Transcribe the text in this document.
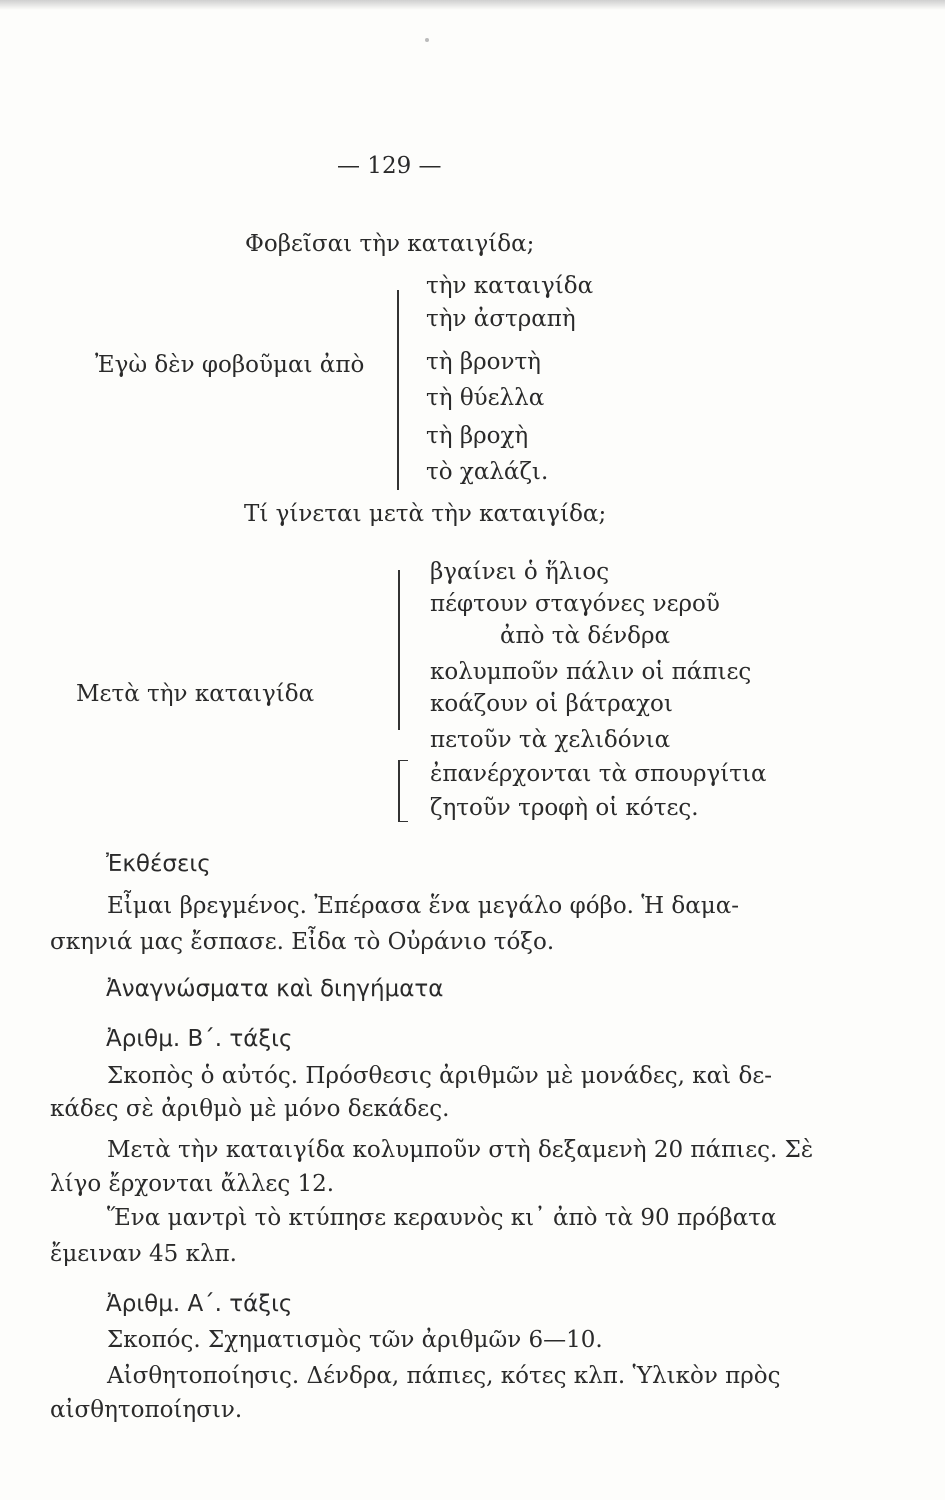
— 129 —
Φοβεῖσαι τὴν καταιγίδα;
Ἐγὼ δὲν φοβοῦμαι ἀπὸ
τὴν καταιγίδα
τὴν ἀστραπὴ
τὴ βροντὴ
τὴ θύελλα
τὴ βροχὴ
τὸ χαλάζι.
Τί γίνεται μετὰ τὴν καταιγίδα;
Μετὰ τὴν καταιγίδα
βγαίνει ὁ ἥλιος
πέφτουν σταγόνες νεροῦ
ἀπὸ τὰ δένδρα
κολυμποῦν πάλιν οἱ πάπιες
κοάζουν οἱ βάτραχοι
πετοῦν τὰ χελιδόνια
ἐπανέρχονται τὰ σπουργίτια
ζητοῦν τροφὴ οἱ κότες.
Ἐκθέσεις
Εἶμαι βρεγμένος. Ἐπέρασα ἕνα μεγάλο φόβο. Ἡ δαμα-
σκηνιά μας ἔσπασε. Εἶδα τὸ Οὐράνιο τόξο.
Ἀναγνώσματα καὶ διηγήματα
Ἀριθμ. Β΄. τάξις
Σκοπὸς ὁ αὐτός. Πρόσθεσις ἀριθμῶν μὲ μονάδες, καὶ δε-
κάδες σὲ ἀριθμὸ μὲ μόνο δεκάδες.
Μετὰ τὴν καταιγίδα κολυμποῦν στὴ δεξαμενὴ 20 πάπιες. Σὲ
λίγο ἔρχονται ἄλλες 12.
Ἕνα μαντρὶ τὸ κτύπησε κεραυνὸς κι᾿ ἀπὸ τὰ 90 πρόβατα
ἔμειναν 45 κλπ.
Ἀριθμ. Α΄. τάξις
Σκοπός. Σχηματισμὸς τῶν ἀριθμῶν 6—10.
Αἰσθητοποίησις. Δένδρα, πάπιες, κότες κλπ. Ὑλικὸν πρὸς
αἰσθητοποίησιν.
